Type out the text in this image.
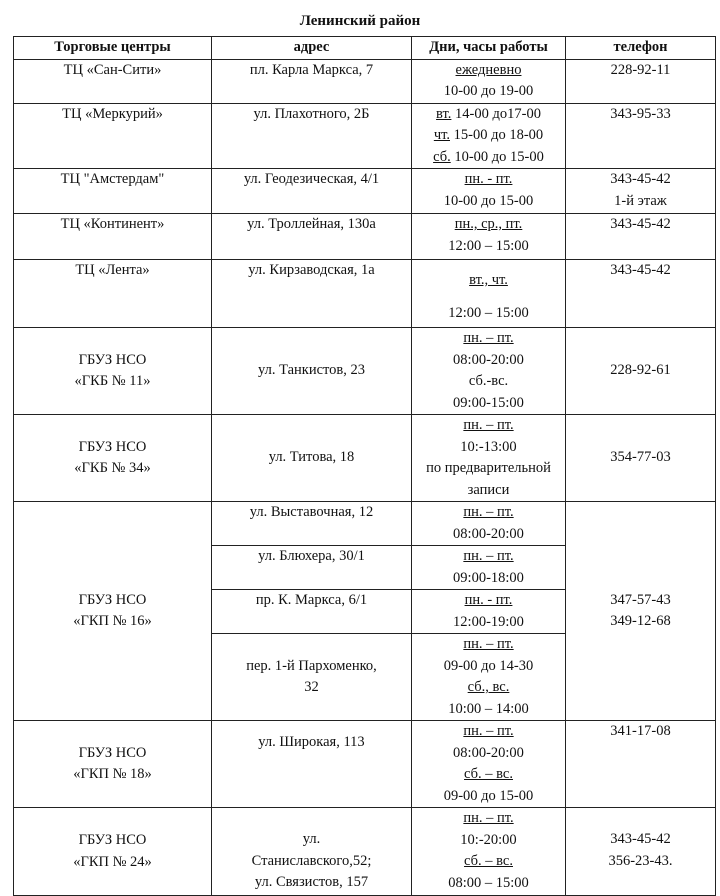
Ленинский район
Торговые центры	адрес	Дни, часы работы	телефон

ТЦ «Сан-Сити»	пл. Карла Маркса, 7	ежедневно
10-00 до 19-00	228-92-11

ТЦ «Меркурий»	ул. Плахотного, 2Б	вт. 14-00 до17-00
чт. 15-00 до 18-00
сб. 10-00 до 15-00	343-95-33

ТЦ "Амстердам"	ул. Геодезическая, 4/1	пн. - пт.
10-00 до 15-00	343-45-42
1-й этаж

ТЦ «Континент»	ул. Троллейная, 130а	пн., ср., пт.
12:00 – 15:00	343-45-42

ТЦ «Лента»	ул. Кирзаводская, 1а	вт., чт.
12:00 – 15:00	343-45-42

ГБУЗ НСО
«ГКБ № 11»	ул. Танкистов, 23	пн. – пт.
08:00-20:00
сб.-вс.
09:00-15:00	228-92-61

ГБУЗ НСО
«ГКБ № 34»	ул. Титова, 18	пн. – пт.
10:-13:00
по предварительной
записи	354-77-03

ГБУЗ НСО
«ГКП № 16»	ул. Выставочная, 12	пн. – пт.
08:00-20:00	347-57-43
349-12-68

	ул. Блюхера, 30/1	пн. – пт.
09:00-18:00	

	пр. К. Маркса, 6/1	пн. - пт.
12:00-19:00	

	пер. 1-й Пархоменко,
32	пн. – пт.
09-00 до 14-30
сб., вс.
10:00 – 14:00	

ГБУЗ НСО
«ГКП № 18»	ул. Широкая, 113	пн. – пт.
08:00-20:00
сб. – вс.
09-00 до 15-00	341-17-08

ГБУЗ НСО
«ГКП № 24»	ул.
Станиславского,52;
ул. Связистов, 157	пн. – пт.
10:-20:00
сб. – вс.
08:00 – 15:00	343-45-42
356-23-43.
